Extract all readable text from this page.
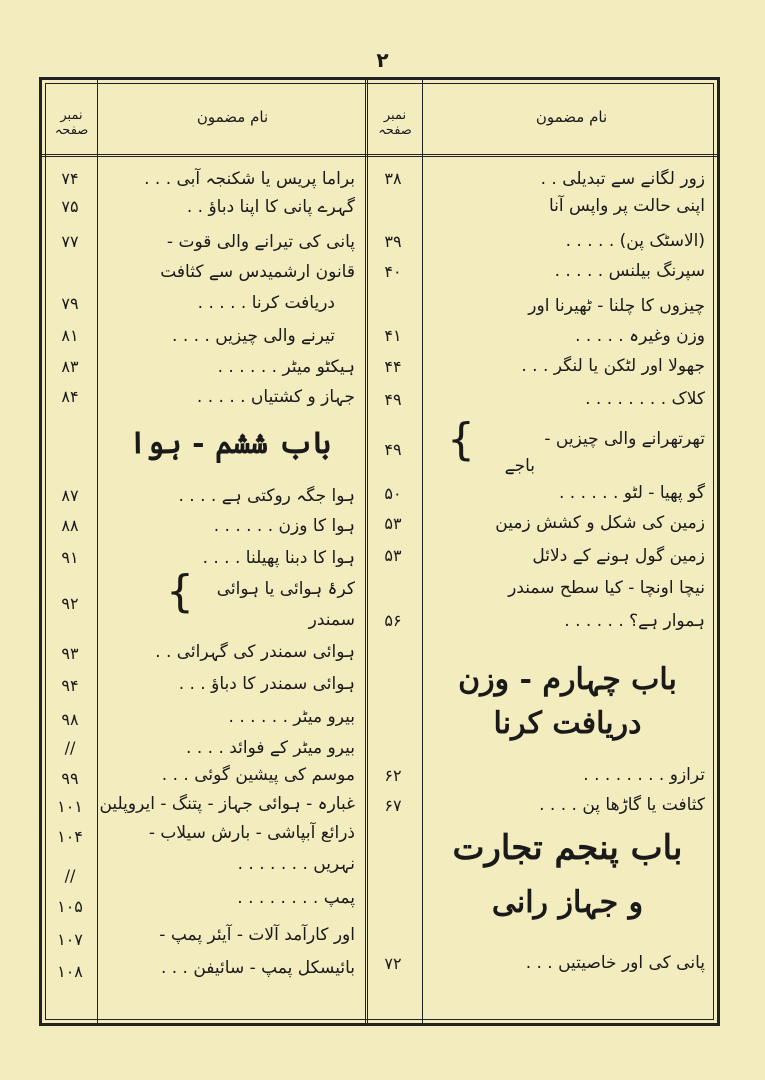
۲
نمبر صفحہ
نام مضمون	نمبر صفحہ
نام مضمون
زور لگانے سے تبدیلی . .
۳۸
اپنی حالت پر واپس آنا
(الاسٹک پن) . . . . .
۳۹
سپرنگ بیلنس . . . . .
۴۰
چیزوں کا چلنا - ٹھیرنا اور
وزن وغیرہ . . . . .
۴۱
جھولا اور لٹکن یا لنگر . . .
۴۴
کلاک . . . . . . . .
۴۹
تھرتھرانے والی چیزیں -
۴۹	{
باجے
گو پھیا - لٹو . . . . . .
۵۰
زمین کی شکل و کشش زمین
۵۳
زمین گول ہونے کے دلائل
۵۳
نیچا اونچا - کیا سطح سمندر
ہموار ہے؟ . . . . . .
۵۶
باب چہارم - وزن
دریافت کرنا
ترازو . . . . . . . .
۶۲
کثافت یا گاڑھا پن . . . .
۶۷
باب پنجم تجارت
و جہاز رانی
پانی کی اور خاصیتیں . . .
۷۲
براما پریس یا شکنجہ آبی . . .
۷۴
گہرے پانی کا اپنا دباؤ . .
۷۵
پانی کی تیرانے والی قوت -
۷۷
قانون ارشمیدس سے کثافت
دریافت کرنا . . . . .
۷۹
تیرنے والی چیزیں . . . .
۸۱
ہیکٹو میٹر . . . . . .
۸۳
جہاز و کشتیاں . . . . .
۸۴
باب ششم - ہوا
ہوا جگہ روکتی ہے . . . .
۸۷
ہوا کا وزن . . . . . .
۸۸
ہوا کا دبنا پھیلنا . . . .
۹۱
کرۂ ہوائی یا ہوائی
۹۲	{
سمندر
ہوائی سمندر کی گہرائی . .
۹۳
ہوائی سمندر کا دباؤ . . .
۹۴
بیرو میٹر . . . . . .
۹۸
بیرو میٹر کے فوائد . . . .
//
موسم کی پیشین گوئی . . .
۹۹
غبارہ - ہوائی جہاز - پتنگ - ایروپلین
۱۰۱
ذرائع آبپاشی - بارش سیلاب -
۱۰۴
نہریں . . . . . . .
//
پمپ . . . . . . . .
۱۰۵
اور کارآمد آلات - آیئر پمپ -
۱۰۷
بائیسکل پمپ - سائیفن . . .
۱۰۸
